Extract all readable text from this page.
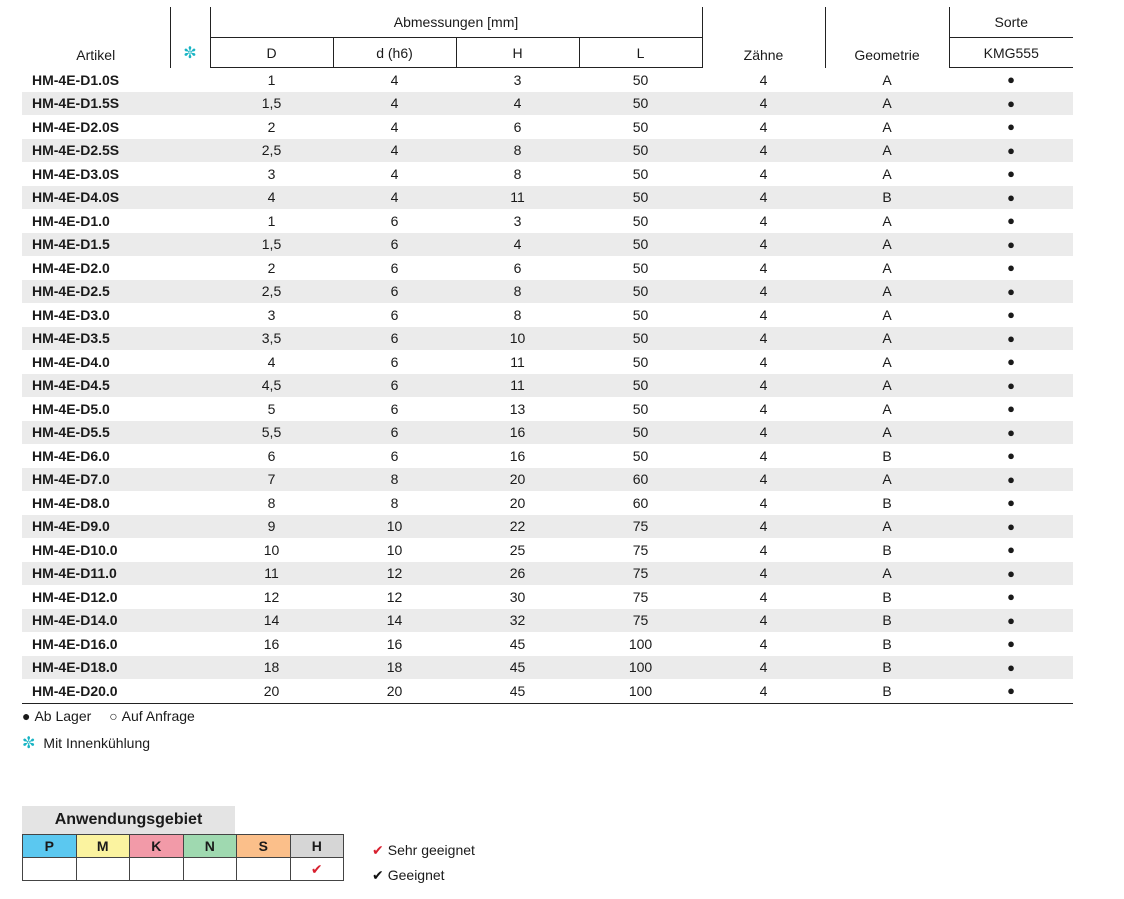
Artikel	✼	Abmessungen [mm]				Zähne	Geometrie	Sorte
		D	d (h6)	H	L			KMG555
HM-4E-D1.0S		1	4	3	50	4	A	●
HM-4E-D1.5S		1,5	4	4	50	4	A	●
HM-4E-D2.0S		2	4	6	50	4	A	●
HM-4E-D2.5S		2,5	4	8	50	4	A	●
HM-4E-D3.0S		3	4	8	50	4	A	●
HM-4E-D4.0S		4	4	11	50	4	B	●
HM-4E-D1.0		1	6	3	50	4	A	●
HM-4E-D1.5		1,5	6	4	50	4	A	●
HM-4E-D2.0		2	6	6	50	4	A	●
HM-4E-D2.5		2,5	6	8	50	4	A	●
HM-4E-D3.0		3	6	8	50	4	A	●
HM-4E-D3.5		3,5	6	10	50	4	A	●
HM-4E-D4.0		4	6	11	50	4	A	●
HM-4E-D4.5		4,5	6	11	50	4	A	●
HM-4E-D5.0		5	6	13	50	4	A	●
HM-4E-D5.5		5,5	6	16	50	4	A	●
HM-4E-D6.0		6	6	16	50	4	B	●
HM-4E-D7.0		7	8	20	60	4	A	●
HM-4E-D8.0		8	8	20	60	4	B	●
HM-4E-D9.0		9	10	22	75	4	A	●
HM-4E-D10.0		10	10	25	75	4	B	●
HM-4E-D11.0		11	12	26	75	4	A	●
HM-4E-D12.0		12	12	30	75	4	B	●
HM-4E-D14.0		14	14	32	75	4	B	●
HM-4E-D16.0		16	16	45	100	4	B	●
HM-4E-D18.0		18	18	45	100	4	B	●
HM-4E-D20.0		20	20	45	100	4	B	●
● Ab Lager ○ Auf Anfrage
✼ Mit Innenkühlung
Anwendungsgebiet
P	M	K	N	S	H
					✔
✔ Sehr geeignet
✔ Geeignet
